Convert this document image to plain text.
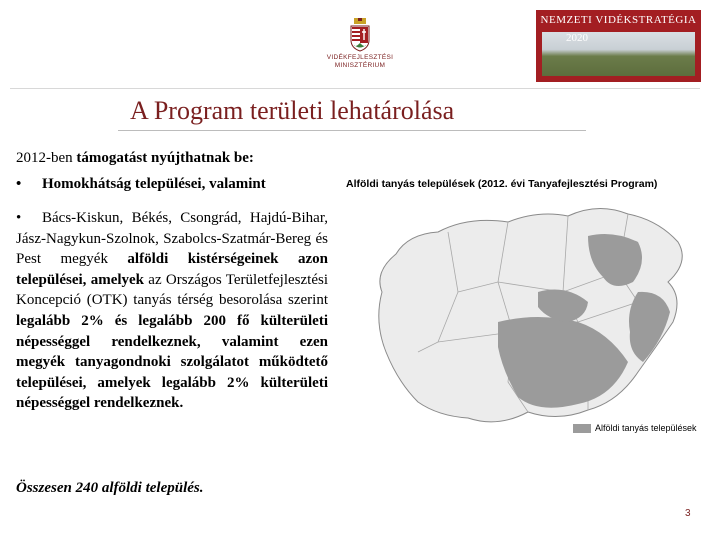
VIDÉKFEJLESZTÉSI
MINISZTÉRIUM
NEMZETI VIDÉKSTRATÉGIA
2020
A Program területi lehatárolása
2012-ben támogatást nyújthatnak be:
• Homokhátság települései, valamint
• Bács-Kiskun, Békés, Csongrád, Hajdú-Bihar, Jász-Nagykun-Szolnok, Szabolcs-Szatmár-Bereg és Pest megyék alföldi kistérségeinek azon települései, amelyek az Országos Területfejlesztési Koncepció (OTK) tanyás térség besorolása szerint legalább 2% és legalább 200 fő külterületi népességgel rendelkeznek, valamint ezen megyék tanyagondnoki szolgálatot működtető települései, amelyek legalább 2% külterületi népességgel rendelkeznek.
Alföldi tanyás települések (2012. évi Tanyafejlesztési Program)
Alföldi tanyás települések
Összesen 240 alföldi település.
3
